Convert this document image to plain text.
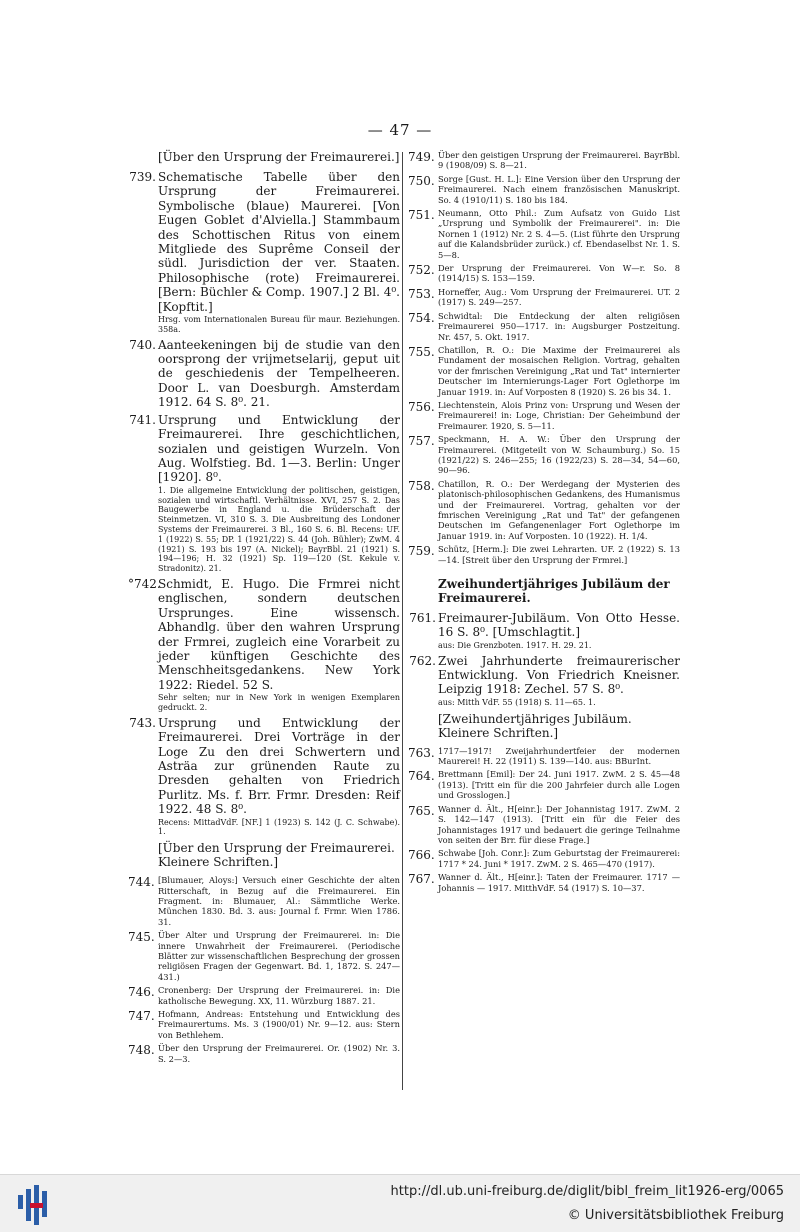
— 47 —
[Über den Ursprung der Freimaurerei.]
739. Schematische Tabelle über den Ursprung der Freimaurerei. Symbolische (blaue) Maurerei. [Von Eugen Goblet d'Alviella.] Stammbaum des Schottischen Ritus von einem Mitgliede des Suprême Conseil der südl. Jurisdiction der ver. Staaten. Philosophische (rote) Freimaurerei. [Bern: Büchler & Comp. 1907.] 2 Bl. 4⁰. [Kopftit.]
Hrsg. vom Internationalen Bureau für maur. Beziehungen. 358a.
740. Aanteekeningen bij de studie van den oorsprong der vrijmetselarij, geput uit de geschiedenis der Tempelheeren. Door L. van Doesburgh. Amsterdam 1912. 64 S. 8⁰. 21.
741. Ursprung und Entwicklung der Freimaurerei. Ihre geschichtlichen, sozialen und geistigen Wurzeln. Von Aug. Wolfstieg. Bd. 1—3. Berlin: Unger [1920]. 8⁰.
1. Die allgemeine Entwicklung der politischen, geistigen, sozialen und wirtschaftl. Verhältnisse. XVI, 257 S. 2. Das Baugewerbe in England u. die Brüderschaft der Steinmetzen. VI, 310 S. 3. Die Ausbreitung des Londoner Systems der Freimaurerei. 3 Bl., 160 S. 6. Bl. Recens: UF. 1 (1922) S. 55; DP. 1 (1921/22) S. 44 (Joh. Bühler); ZwM. 4 (1921) S. 193 bis 197 (A. Nickel); BayrBbl. 21 (1921) S. 194—196; H. 32 (1921) Sp. 119—120 (St. Kekule v. Stradonitz). 21.
°742.
Schmidt, E. Hugo. Die Frmrei nicht englischen, sondern deutschen Ursprunges. Eine wissensch. Abhandlg. über den wahren Ursprung der Frmrei, zugleich eine Vorarbeit zu jeder künftigen Geschichte des Menschheitsgedankens. New York 1922: Riedel. 52 S.
Sehr selten; nur in New York in wenigen Exemplaren gedruckt. 2.
743. Ursprung und Entwicklung der Freimaurerei. Drei Vorträge in der Loge Zu den drei Schwertern und Asträa zur grünenden Raute zu Dresden gehalten von Friedrich Purlitz. Ms. f. Brr. Frmr. Dresden: Reif 1922. 48 S. 8⁰.
Recens: MittadVdF. [NF.] 1 (1923) S. 142 (J. C. Schwabe). 1.
[Über den Ursprung der Freimaurerei. Kleinere Schriften.]
744. [Blumauer, Aloys:] Versuch einer Geschichte der alten Ritterschaft, in Bezug auf die Freimaurerei. Ein Fragment. in: Blumauer, Al.: Sämmtliche Werke. München 1830. Bd. 3. aus: Journal f. Frmr. Wien 1786. 31.
745. Über Alter und Ursprung der Freimaurerei. in: Die innere Unwahrheit der Freimaurerei. (Periodische Blätter zur wissenschaftlichen Besprechung der grossen religiösen Fragen der Gegenwart. Bd. 1, 1872. S. 247—431.)
746. Cronenberg: Der Ursprung der Freimaurerei. in: Die katholische Bewegung. XX, 11. Würzburg 1887. 21.
747. Hofmann, Andreas: Entstehung und Entwicklung des Freimaurertums. Ms. 3 (1900/01) Nr. 9—12. aus: Stern von Bethlehem.
748. Über den Ursprung der Freimaurerei. Or. (1902) Nr. 3. S. 2—3.
749. Über den geistigen Ursprung der Freimaurerei. BayrBbl. 9 (1908/09) S. 8—21.
750. Sorge [Gust. H. L.]: Eine Version über den Ursprung der Freimaurerei. Nach einem französischen Manuskript. So. 4 (1910/11) S. 180 bis 184.
751. Neumann, Otto Phil.: Zum Aufsatz von Guido List „Ursprung und Symbolik der Freimaurerei". in: Die Nornen 1 (1912) Nr. 2 S. 4—5. (List führte den Ursprung auf die Kalandsbrüder zurück.) cf. Ebendaselbst Nr. 1. S. 5—8.
752. Der Ursprung der Freimaurerei. Von W—r. So. 8 (1914/15) S. 153—159.
753. Horneffer, Aug.: Vom Ursprung der Freimaurerei. UT. 2 (1917) S. 249—257.
754. Schwidtal: Die Entdeckung der alten religiösen Freimaurerei 950—1717. in: Augsburger Postzeitung. Nr. 457, 5. Okt. 1917.
755. Chatillon, R. O.: Die Maxime der Freimaurerei als Fundament der mosaischen Religion. Vortrag, gehalten vor der fmrischen Vereinigung „Rat und Tat" internierter Deutscher im Internierungs-Lager Fort Oglethorpe im Januar 1919. in: Auf Vorposten 8 (1920) S. 26 bis 34. 1.
756. Liechtenstein, Alois Prinz von: Ursprung und Wesen der Freimaurerei! in: Loge, Christian: Der Geheimbund der Freimaurer. 1920, S. 5—11.
757. Speckmann, H. A. W.: Über den Ursprung der Freimaurerei. (Mitgeteilt von W. Schaumburg.) So. 15 (1921/22) S. 246—255; 16 (1922/23) S. 28—34, 54—60, 90—96.
758. Chatillon, R. O.: Der Werdegang der Mysterien des platonisch-philosophischen Gedankens, des Humanismus und der Freimaurerei. Vortrag, gehalten vor der fmrischen Vereinigung „Rat und Tat" der gefangenen Deutschen im Gefangenenlager Fort Oglethorpe im Januar 1919. in: Auf Vorposten. 10 (1922). H. 1/4.
759. Schütz, [Herm.]: Die zwei Lehrarten. UF. 2 (1922) S. 13—14. [Streit über den Ursprung der Frmrei.]
Zweihundertjähriges Jubiläum der Freimaurerei.
761. Freimaurer-Jubiläum. Von Otto Hesse. 16 S. 8⁰. [Umschlagtit.]
aus: Die Grenzboten. 1917. H. 29. 21.
762. Zwei Jahrhunderte freimaurerischer Entwicklung. Von Friedrich Kneisner. Leipzig 1918: Zechel. 57 S. 8⁰.
aus: Mitth VdF. 55 (1918) S. 11—65. 1.
[Zweihundertjähriges Jubiläum. Kleinere Schriften.]
763. 1717—1917! Zweijahrhundertfeier der modernen Maurerei! H. 22 (1911) S. 139—140. aus: BBurInt.
764. Brettmann [Emil]: Der 24. Juni 1917. ZwM. 2 S. 45—48 (1913). [Tritt ein für die 200 Jahrfeier durch alle Logen und Grosslogen.]
765. Wanner d. Ält., H[einr.]: Der Johannistag 1917. ZwM. 2 S. 142—147 (1913). [Tritt ein für die Feier des Johannistages 1917 und bedauert die geringe Teilnahme von seiten der Brr. für diese Frage.]
766. Schwabe [Joh. Conr.]: Zum Geburtstag der Freimaurerei: 1717 * 24. Juni * 1917. ZwM. 2 S. 465—470 (1917).
767. Wanner d. Ält., H[einr.]: Taten der Freimaurer. 1717 — Johannis — 1917. MitthVdF. 54 (1917) S. 10—37.
http://dl.ub.uni-freiburg.de/diglit/bibl_freim_lit1926-erg/0065
© Universitätsbibliothek Freiburg
